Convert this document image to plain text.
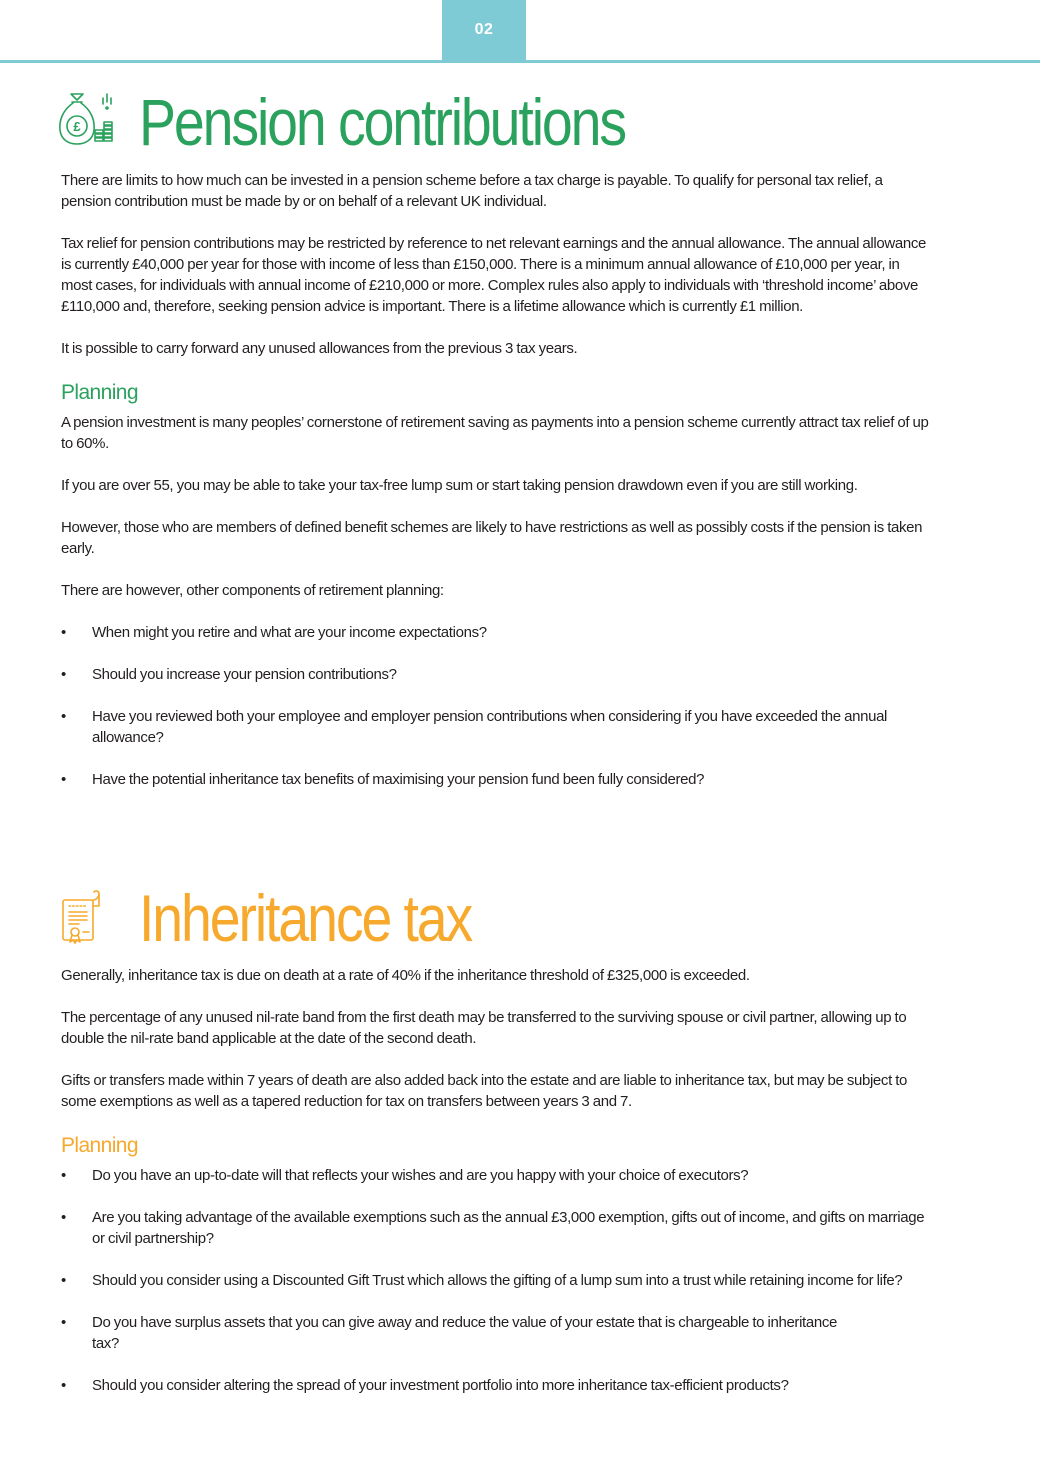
02
£ Pension contributions

There are limits to how much can be invested in a pension scheme before a tax charge is payable. To qualify for personal tax relief, a pension contribution must be made by or on behalf of a relevant UK individual.

Tax relief for pension contributions may be restricted by reference to net relevant earnings and the annual allowance. The annual allowance is currently £40,000 per year for those with income of less than £150,000. There is a minimum annual allowance of £10,000 per year, in most cases, for individuals with annual income of £210,000 or more. Complex rules also apply to individuals with ‘threshold income’ above £110,000 and, therefore, seeking pension advice is important. There is a lifetime allowance which is currently £1 million.

It is possible to carry forward any unused allowances from the previous 3 tax years.

Planning

A pension investment is many peoples’ cornerstone of retirement saving as payments into a pension scheme currently attract tax relief of up to 60%.

If you are over 55, you may be able to take your tax-free lump sum or start taking pension drawdown even if you are still working.

However, those who are members of defined benefit schemes are likely to have restrictions as well as possibly costs if the pension is taken early.

There are however, other components of retirement planning:

• When might you retire and what are your income expectations?
• Should you increase your pension contributions?
• Have you reviewed both your employee and employer pension contributions when considering if you have exceeded the annual allowance?
• Have the potential inheritance tax benefits of maximising your pension fund been fully considered?
Inheritance tax

Generally, inheritance tax is due on death at a rate of 40% if the inheritance threshold of £325,000 is exceeded.

The percentage of any unused nil-rate band from the first death may be transferred to the surviving spouse or civil partner, allowing up to double the nil-rate band applicable at the date of the second death.

Gifts or transfers made within 7 years of death are also added back into the estate and are liable to inheritance tax, but may be subject to some exemptions as well as a tapered reduction for tax on transfers between years 3 and 7.

Planning
• Do you have an up-to-date will that reflects your wishes and are you happy with your choice of executors?
• Are you taking advantage of the available exemptions such as the annual £3,000 exemption, gifts out of income, and gifts on marriage or civil partnership?
• Should you consider using a Discounted Gift Trust which allows the gifting of a lump sum into a trust while retaining income for life?
• Do you have surplus assets that you can give away and reduce the value of your estate that is chargeable to inheritance tax?
• Should you consider altering the spread of your investment portfolio into more inheritance tax-efficient products?
